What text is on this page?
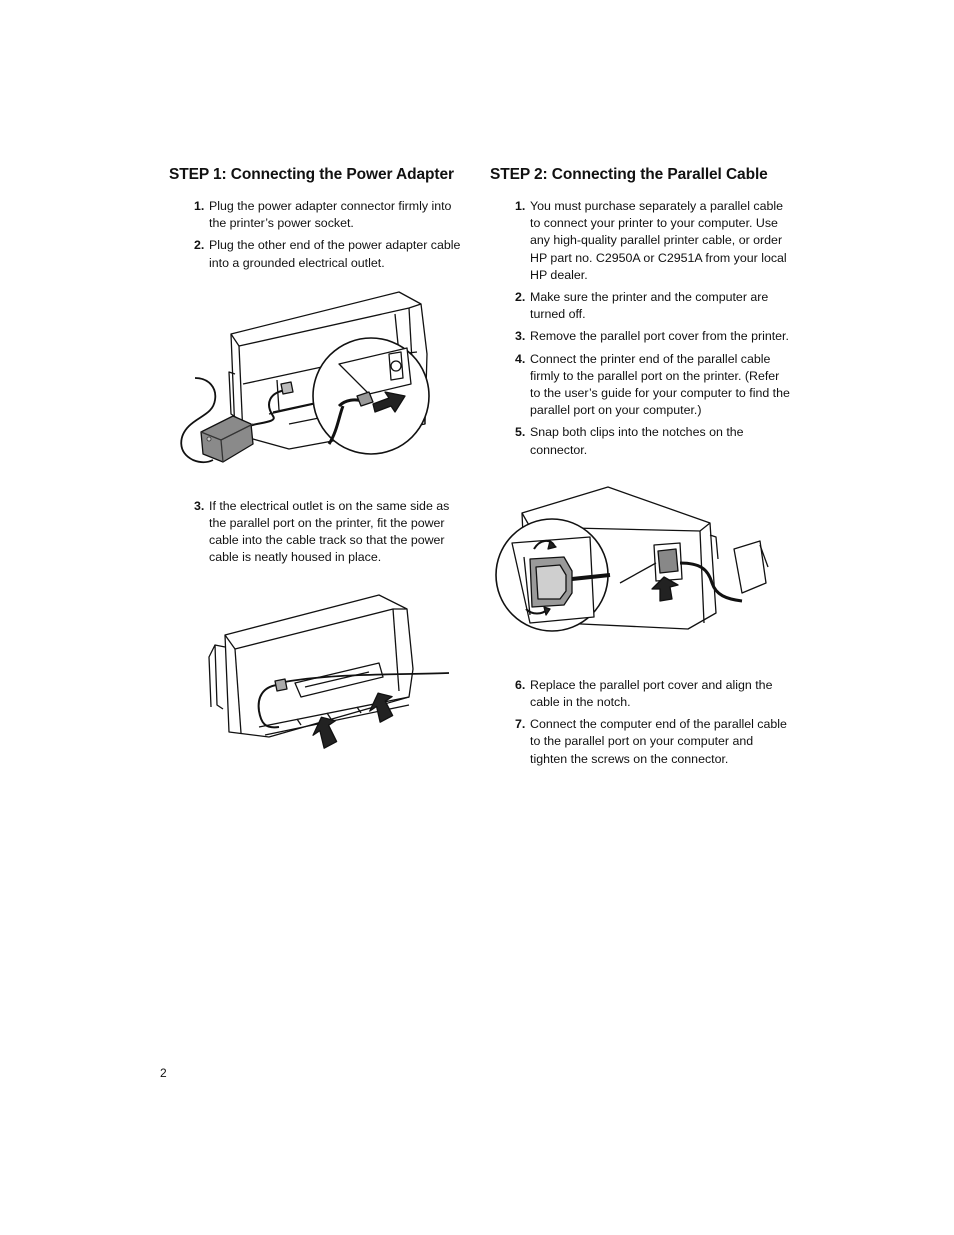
STEP 1: Connecting the Power Adapter
1. Plug the power adapter connector firmly into the printer’s power socket.
2. Plug the other end of the power adapter cable into a grounded electrical outlet.
3. If the electrical outlet is on the same side as the parallel port on the printer, fit the power cable into the cable track so that the power cable is neatly housed in place.
STEP 2: Connecting the Parallel Cable
1. You must purchase separately a parallel cable to connect your printer to your computer. Use any high-quality parallel printer cable, or order HP part no. C2950A or C2951A from your local HP dealer.
2. Make sure the printer and the computer are turned off.
3. Remove the parallel port cover from the printer.
4. Connect the printer end of the parallel cable firmly to the parallel port on the printer. (Refer to the user’s guide for your computer to find the parallel port on your computer.)
5. Snap both clips into the notches on the connector.
6. Replace the parallel port cover and align the cable in the notch.
7. Connect the computer end of the parallel cable to the parallel port on your computer and tighten the screws on the connector.
2
